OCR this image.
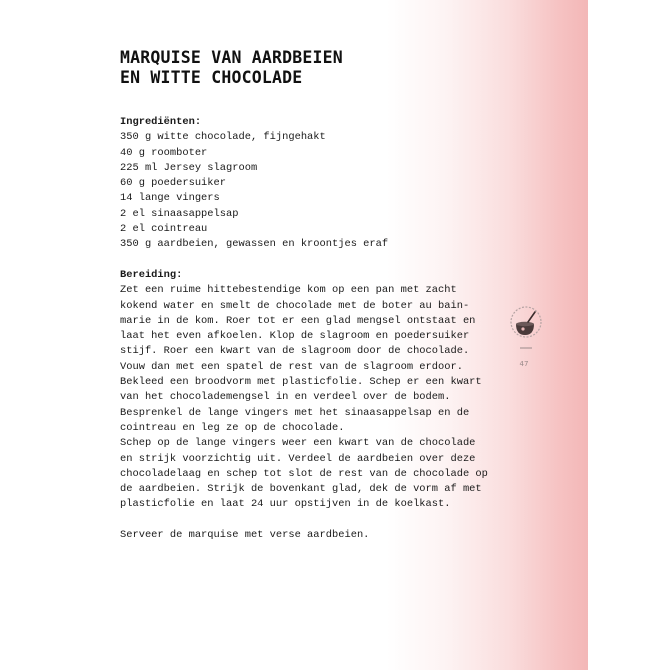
MARQUISE VAN AARDBEIEN
EN WITTE CHOCOLADE

Ingrediënten:

350 g witte chocolade, fijngehakt
40 g roomboter
225 ml Jersey slagroom
60 g poedersuiker
14 lange vingers
2 el sinaasappelsap
2 el cointreau
350 g aardbeien, gewassen en kroontjes eraf

Bereiding:

Zet een ruime hittebestendige kom op een pan met zacht
kokend water en smelt de chocolade met de boter au bain-
marie in de kom. Roer tot er een glad mengsel ontstaat en
laat het even afkoelen. Klop de slagroom en poedersuiker
stijf. Roer een kwart van de slagroom door de chocolade.
Vouw dan met een spatel de rest van de slagroom erdoor.
Bekleed een broodvorm met plasticfolie. Schep er een kwart
van het chocolademengsel in en verdeel over de bodem.
Besprenkel de lange vingers met het sinaasappelsap en de
cointreau en leg ze op de chocolade.
Schep op de lange vingers weer een kwart van de chocolade
en strijk voorzichtig uit. Verdeel de aardbeien over deze
chocoladelaag en schep tot slot de rest van de chocolade op
de aardbeien. Strijk de bovenkant glad, dek de vorm af met
plasticfolie en laat 24 uur opstijven in de koelkast.

Serveer de marquise met verse aardbeien.

47
